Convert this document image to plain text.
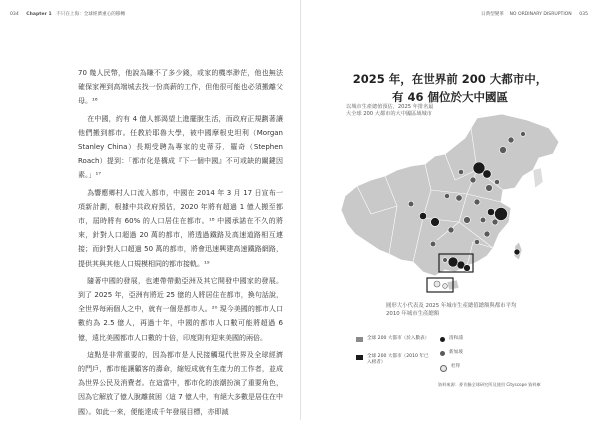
034 Chapter 1 不只在上海：全球經濟重心的移轉	日典型變革 NO ORDINARY DISRUPTION 035

70 幾人民幣，他說為賺不了多少錢，或家的機率渺茫，他也無法確保家裡到高端城去找一份高薪的工作，但他很可能也必須搬離父母。¹⁶

在中國，約有 4 億人都渴望上進擺脫生活，而政府正規劃著讓他們搬到都市。任教於耶魯大學，被中國摩根史坦利（Morgan Stanley China）長期受聘為專家的史蒂芬．羅奇（Stephen Roach）提到：「都市化是構成『下一個中國』不可或缺的關鍵因素。」¹⁷

為響應鄉村人口流入都市，中國在 2014 年 3 月 17 日宣布一項新計劃，根據中共政府預估，2020 年將有超過 1 億人搬至都市，屆時將有 60% 的人口居住在都市。¹⁸ 中國承諾在不久的將來，針對人口超過 20 萬的都市，將透過鐵路及高速道路相互連接；而針對人口超過 50 萬的都市，將會迅速興建高速鐵路網路，提供其與其他人口規模相同的都市接軌。¹⁹

隨著中國的發展，也連帶帶動亞洲及其它開發中國家的發展。到了 2025 年，亞洲有將近 25 億的人將居住在都市，換句話說，全世界每兩個人之中，就有一個是都市人。²⁰ 現今美國的都市人口數約為 2.5 億人，再過十年，中國的都市人口數可能將超過 6 億，遠比美國都市人口數的十倍，印度則有迎來美國的兩倍。

這點是非常重要的，因為都市是人民接觸現代世界及全球經濟的門戶，都市能讓顧客的壽命，縮短成就有生產力的工作者，並成為世界公民及消費者。在這當中，都市化的浪潮扮演了重要角色，因為它解放了億人脫離貧困（這 7 億人中，有絕大多數是居住在中國）。如此一來，便能達成千年發展目標，亦即減

2025 年，在世界前 200 大都市中，
有 46 個位於大中國區
以城市生產總值預估，2025 年排名最大全球 200 大都市的大中國區域城市
圓形大小代表及 2025 年城市生產總值總額與都市平均 2010 年城市生產總額
全球 200 大都市（於入數表）
全球 200 大都市（2010 年已入榜者）
清和浦
新加坡
杜拜
資料來源：麥肯錫全球研究所及使用 Cityscope 資料庫
